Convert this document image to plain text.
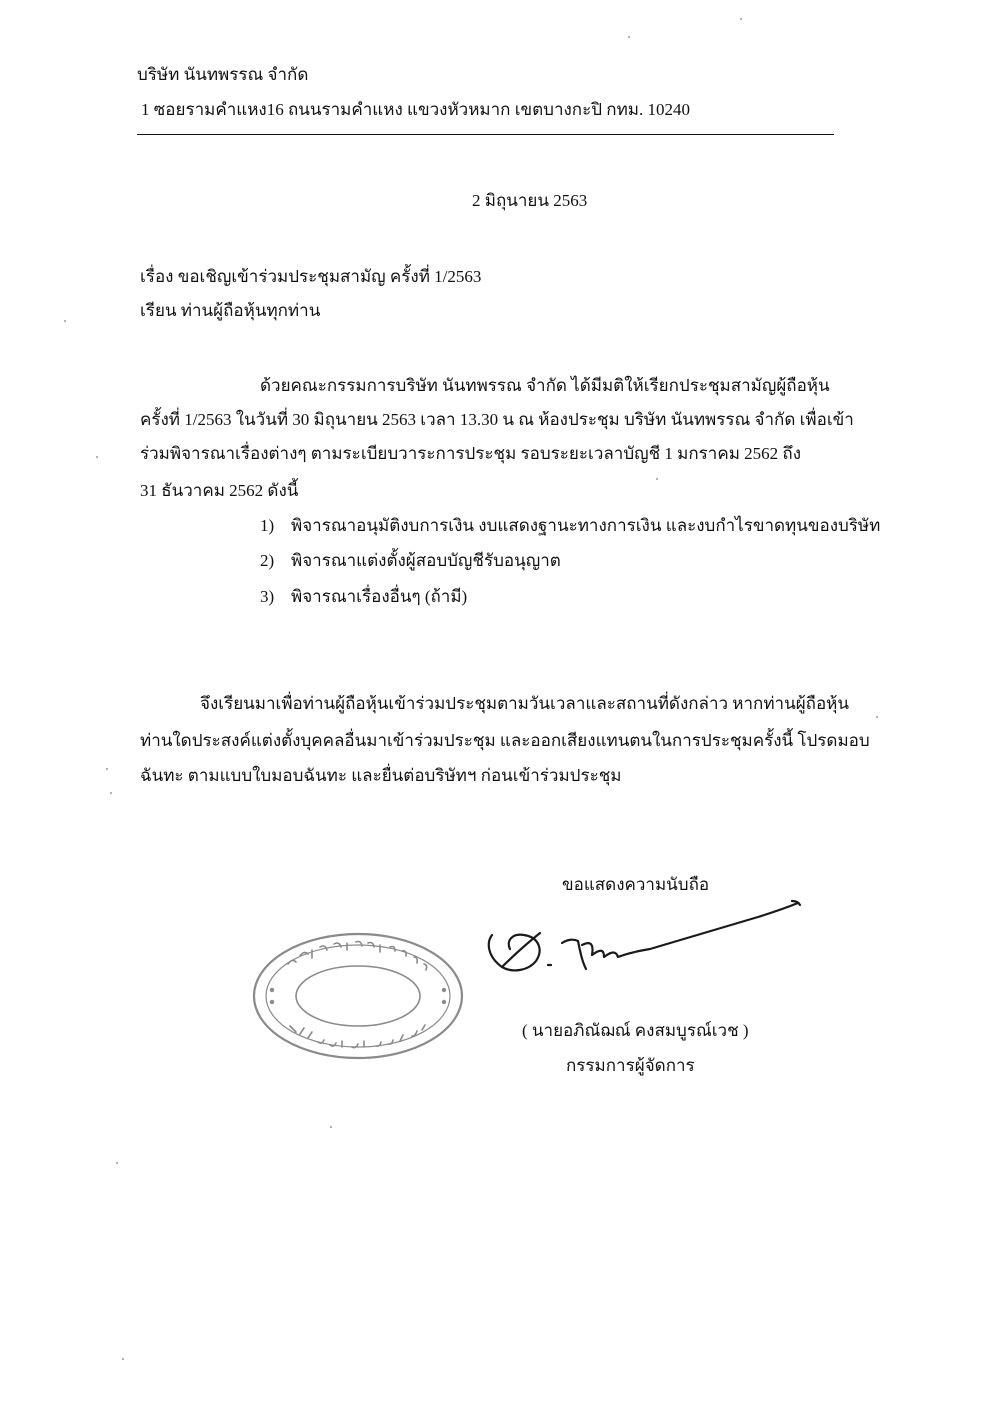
บริษัท นันทพรรณ จำกัด
1 ซอยรามคำแหง16 ถนนรามคำแหง แขวงหัวหมาก เขตบางกะปิ กทม. 10240
2 มิถุนายน 2563
เรื่อง ขอเชิญเข้าร่วมประชุมสามัญ ครั้งที่ 1/2563
เรียน ท่านผู้ถือหุ้นทุกท่าน
ด้วยคณะกรรมการบริษัท นันทพรรณ จำกัด ได้มีมติให้เรียกประชุมสามัญผู้ถือหุ้น
ครั้งที่ 1/2563 ในวันที่ 30 มิถุนายน 2563 เวลา 13.30 น ณ ห้องประชุม บริษัท นันทพรรณ จำกัด เพื่อเข้า
ร่วมพิจารณาเรื่องต่างๆ ตามระเบียบวาระการประชุม รอบระยะเวลาบัญชี 1 มกราคม 2562 ถึง
31 ธันวาคม 2562 ดังนี้
1) พิจารณาอนุมัติงบการเงิน งบแสดงฐานะทางการเงิน และงบกำไรขาดทุนของบริษัท
2) พิจารณาแต่งตั้งผู้สอบบัญชีรับอนุญาต
3) พิจารณาเรื่องอื่นๆ (ถ้ามี)
จึงเรียนมาเพื่อท่านผู้ถือหุ้นเข้าร่วมประชุมตามวันเวลาและสถานที่ดังกล่าว หากท่านผู้ถือหุ้น
ท่านใดประสงค์แต่งตั้งบุคคลอื่นมาเข้าร่วมประชุม และออกเสียงแทนตนในการประชุมครั้งนี้ โปรดมอบ
ฉันทะ ตามแบบใบมอบฉันทะ และยื่นต่อบริษัทฯ ก่อนเข้าร่วมประชุม
ขอแสดงความนับถือ
( นายอภิณัฌณ์ คงสมบูรณ์เวช )
กรรมการผู้จัดการ
